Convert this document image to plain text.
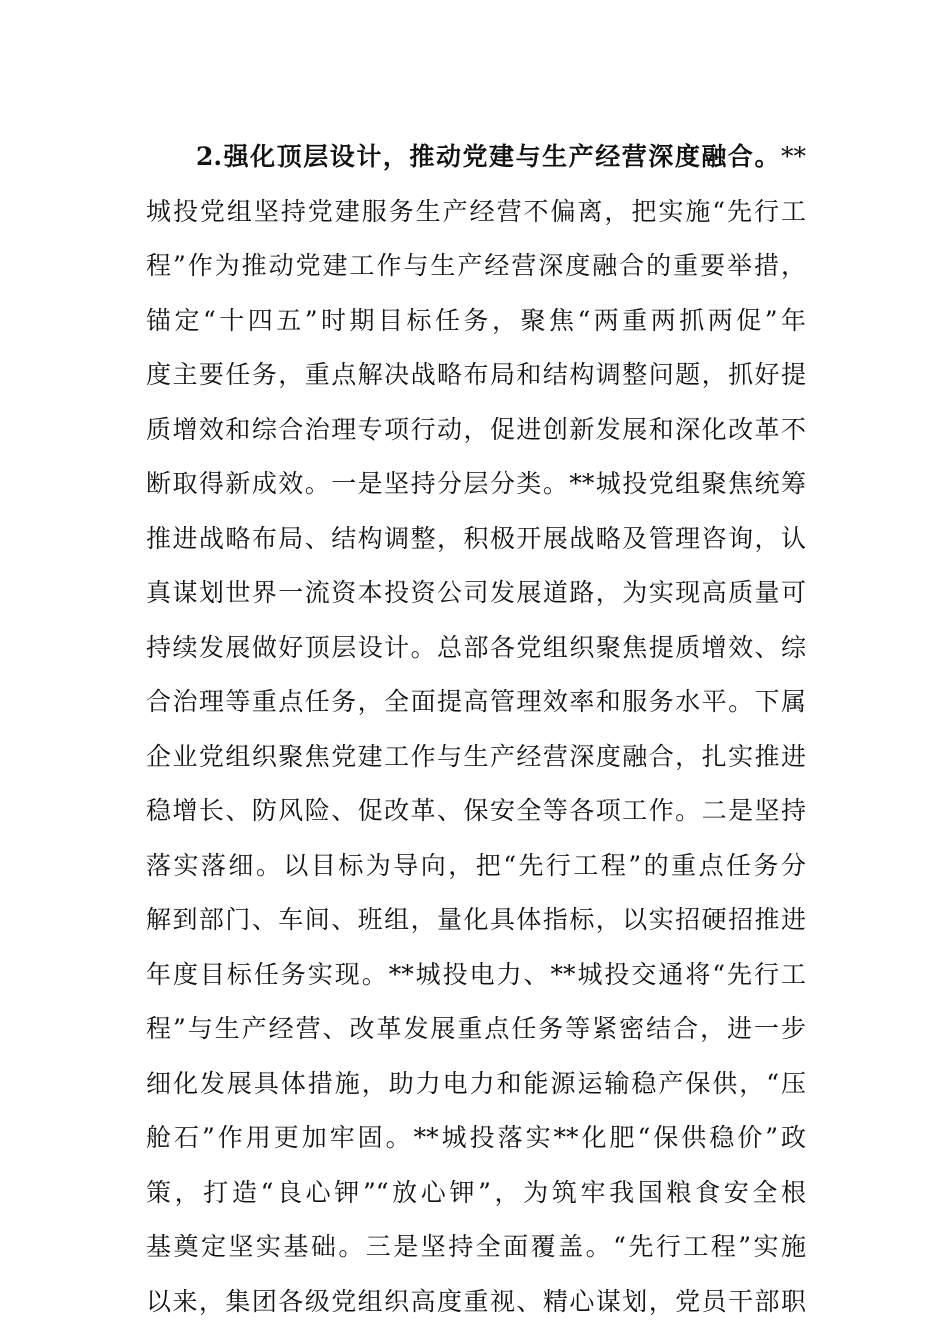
2.强化顶层设计，推动党建与生产经营深度融合。**
城投党组坚持党建服务生产经营不偏离，把实施“先行工
程”作为推动党建工作与生产经营深度融合的重要举措，
锚定“十四五”时期目标任务，聚焦“两重两抓两促”年
度主要任务，重点解决战略布局和结构调整问题，抓好提
质增效和综合治理专项行动，促进创新发展和深化改革不
断取得新成效。一是坚持分层分类。**城投党组聚焦统筹
推进战略布局、结构调整，积极开展战略及管理咨询，认
真谋划世界一流资本投资公司发展道路，为实现高质量可
持续发展做好顶层设计。总部各党组织聚焦提质增效、综
合治理等重点任务，全面提高管理效率和服务水平。下属
企业党组织聚焦党建工作与生产经营深度融合，扎实推进
稳增长、防风险、促改革、保安全等各项工作。二是坚持
落实落细。以目标为导向，把“先行工程”的重点任务分
解到部门、车间、班组，量化具体指标，以实招硬招推进
年度目标任务实现。**城投电力、**城投交通将“先行工
程”与生产经营、改革发展重点任务等紧密结合，进一步
细化发展具体措施，助力电力和能源运输稳产保供，“压
舱石”作用更加牢固。**城投落实**化肥“保供稳价”政
策，打造“良心钾”“放心钾”，为筑牢我国粮食安全根
基奠定坚实基础。三是坚持全面覆盖。“先行工程”实施
以来，集团各级党组织高度重视、精心谋划，党员干部职
